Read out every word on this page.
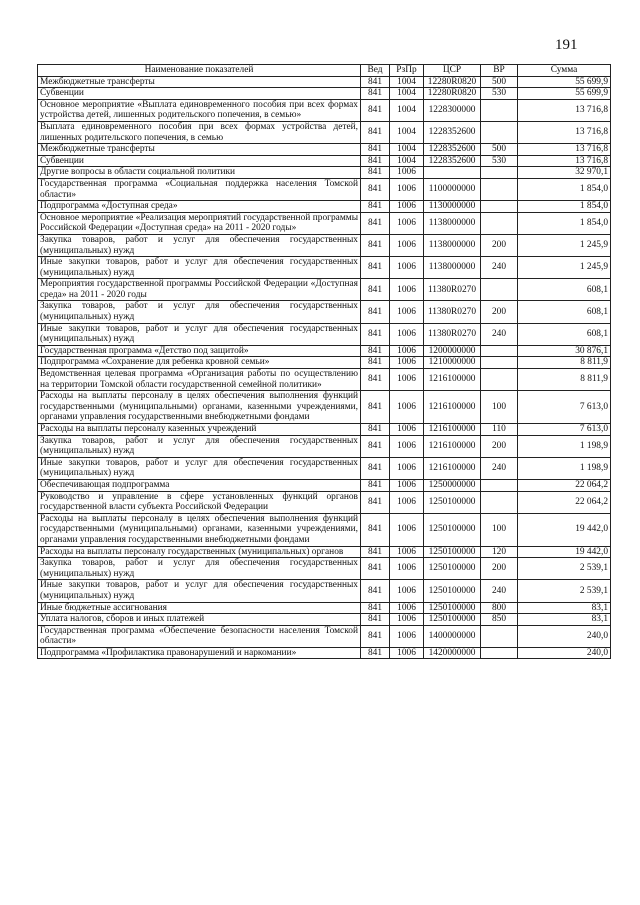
191
Наименование показателей	Вед	РзПр	ЦСР	ВР	Сумма
Межбюджетные трансферты	841	1004	12280R0820	500	55 699,9
Субвенции	841	1004	12280R0820	530	55 699,9
Основное мероприятие «Выплата единовременного пособия при всех формах устройства детей, лишенных родительского попечения, в семью»	841	1004	1228300000		13 716,8
Выплата единовременного пособия при всех формах устройства детей, лишенных родительского попечения, в семью	841	1004	1228352600		13 716,8
Межбюджетные трансферты	841	1004	1228352600	500	13 716,8
Субвенции	841	1004	1228352600	530	13 716,8
Другие вопросы в области социальной политики	841	1006			32 970,1
Государственная программа «Социальная поддержка населения Томской области»	841	1006	1100000000		1 854,0
Подпрограмма «Доступная среда»	841	1006	1130000000		1 854,0
Основное мероприятие «Реализация мероприятий государственной программы Российской Федерации «Доступная среда» на 2011 - 2020 годы»	841	1006	1138000000		1 854,0
Закупка товаров, работ и услуг для обеспечения государственных (муниципальных) нужд	841	1006	1138000000	200	1 245,9
Иные закупки товаров, работ и услуг для обеспечения государственных (муниципальных) нужд	841	1006	1138000000	240	1 245,9
Мероприятия государственной программы Российской Федерации «Доступная среда» на 2011 - 2020 годы	841	1006	11380R0270		608,1
Закупка товаров, работ и услуг для обеспечения государственных (муниципальных) нужд	841	1006	11380R0270	200	608,1
Иные закупки товаров, работ и услуг для обеспечения государственных (муниципальных) нужд	841	1006	11380R0270	240	608,1
Государственная программа «Детство под защитой»	841	1006	1200000000		30 876,1
Подпрограмма «Сохранение для ребенка кровной семьи»	841	1006	1210000000		8 811,9
Ведомственная целевая программа «Организация работы по осуществлению на территории Томской области государственной семейной политики»	841	1006	1216100000		8 811,9
Расходы на выплаты персоналу в целях обеспечения выполнения функций государственными (муниципальными) органами, казенными учреждениями, органами управления государственными внебюджетными фондами	841	1006	1216100000	100	7 613,0
Расходы на выплаты персоналу казенных учреждений	841	1006	1216100000	110	7 613,0
Закупка товаров, работ и услуг для обеспечения государственных (муниципальных) нужд	841	1006	1216100000	200	1 198,9
Иные закупки товаров, работ и услуг для обеспечения государственных (муниципальных) нужд	841	1006	1216100000	240	1 198,9
Обеспечивающая подпрограмма	841	1006	1250000000		22 064,2
Руководство и управление в сфере установленных функций органов государственной власти субъекта Российской Федерации	841	1006	1250100000		22 064,2
Расходы на выплаты персоналу в целях обеспечения выполнения функций государственными (муниципальными) органами, казенными учреждениями, органами управления государственными внебюджетными фондами	841	1006	1250100000	100	19 442,0
Расходы на выплаты персоналу государственных (муниципальных) органов	841	1006	1250100000	120	19 442,0
Закупка товаров, работ и услуг для обеспечения государственных (муниципальных) нужд	841	1006	1250100000	200	2 539,1
Иные закупки товаров, работ и услуг для обеспечения государственных (муниципальных) нужд	841	1006	1250100000	240	2 539,1
Иные бюджетные ассигнования	841	1006	1250100000	800	83,1
Уплата налогов, сборов и иных платежей	841	1006	1250100000	850	83,1
Государственная программа «Обеспечение безопасности населения Томской области»	841	1006	1400000000		240,0
Подпрограмма «Профилактика правонарушений и наркомании»	841	1006	1420000000		240,0
